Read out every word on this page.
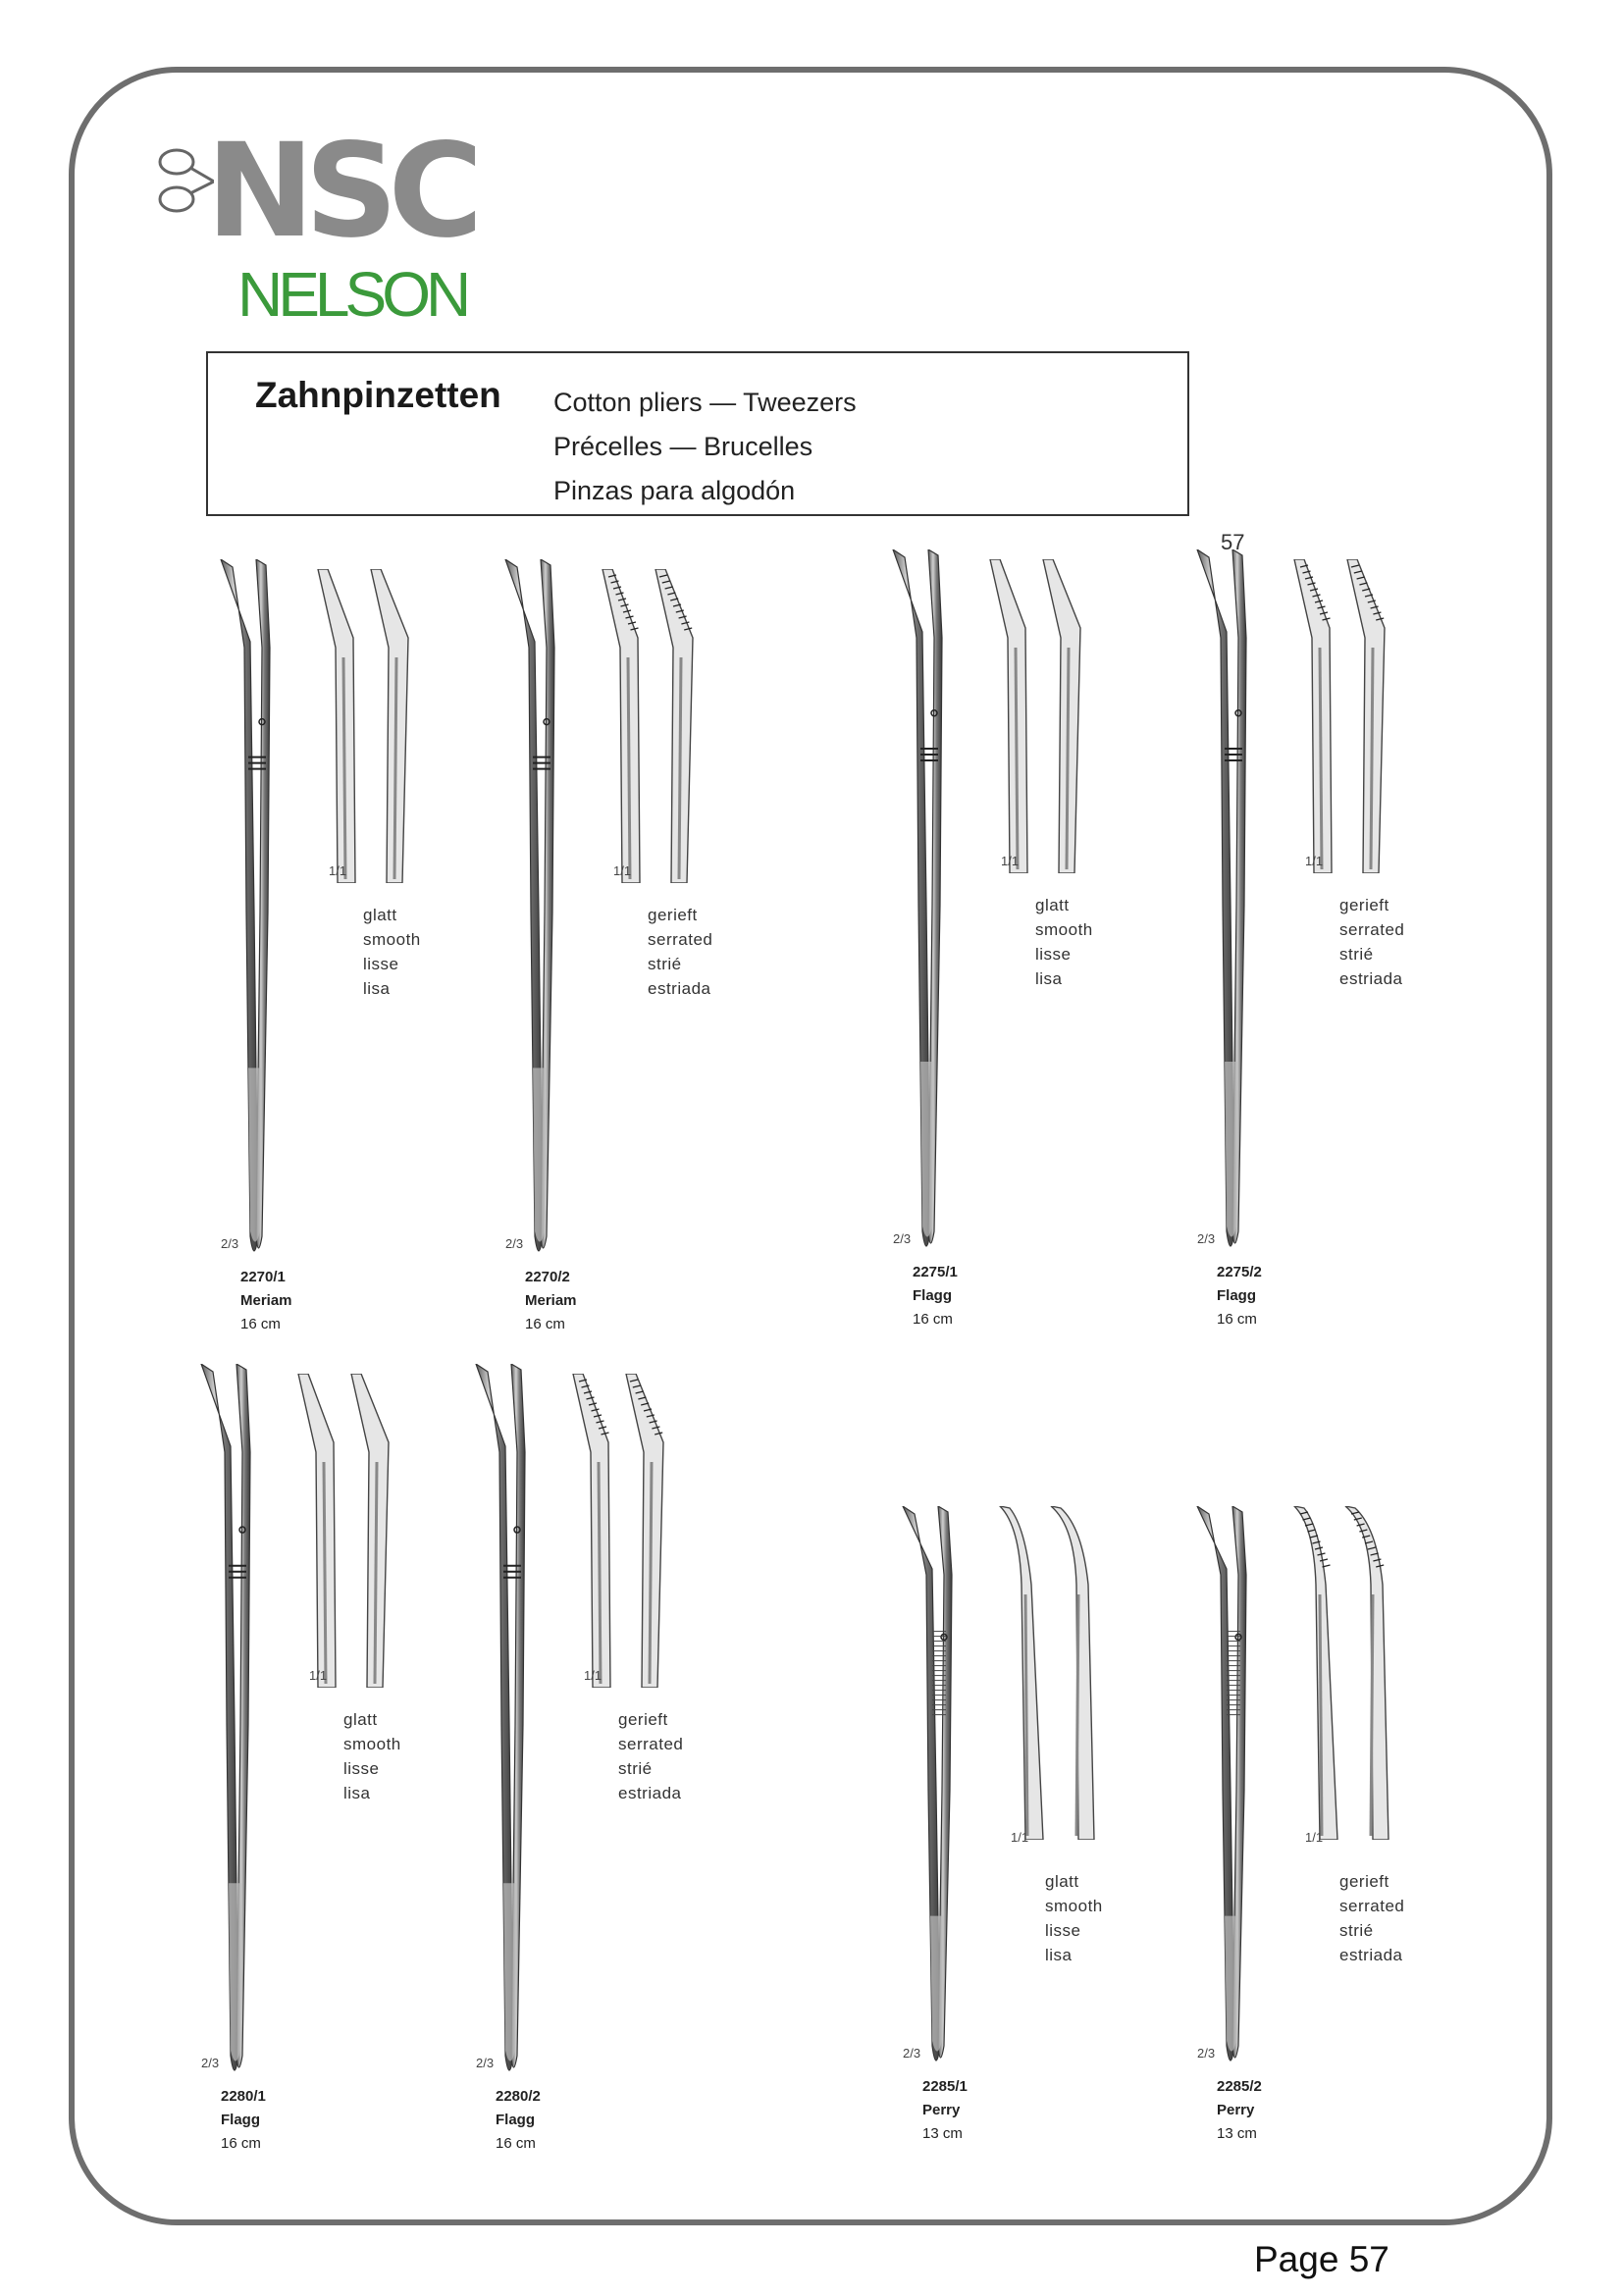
NSC
NELSON
Zahnpinzetten Cotton pliers — Tweezers
Précelles — Brucelles
Pinzas para algodón
57
1/1
glatt
smooth
lisse
lisa
2/3
2270/1
Meriam 16 cm
1/1
gerieft
serrated
strié
estriada
2/3
2270/2
Meriam 16 cm
1/1
glatt
smooth
lisse
lisa
2/3
2275/1
Flagg 16 cm
1/1
gerieft
serrated
strié
estriada
2/3
2275/2
Flagg 16 cm
1/1
glatt
smooth
lisse
lisa
2/3
2280/1
Flagg 16 cm
1/1
gerieft
serrated
strié
estriada
2/3
2280/2
Flagg 16 cm
1/1
glatt
smooth
lisse
lisa
2/3
2285/1
Perry 13 cm
1/1
gerieft
serrated
strié
estriada
2/3
2285/2
Perry 13 cm
Page 57
